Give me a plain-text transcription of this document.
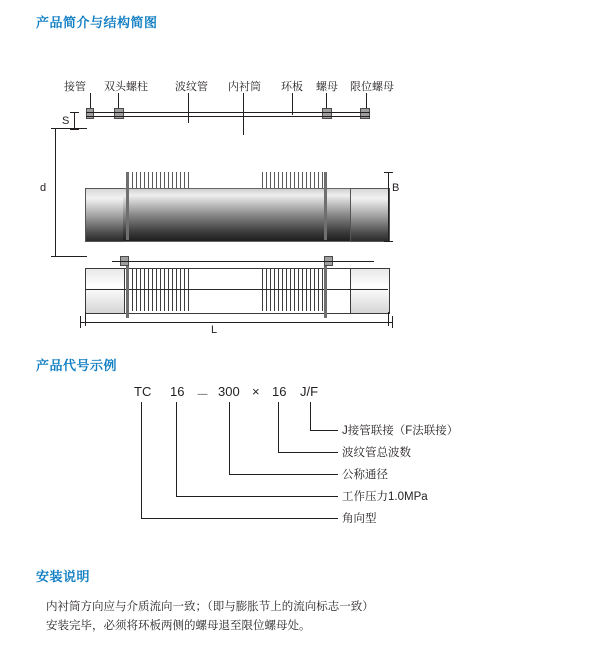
产品简介与结构简图
接管 双头螺柱 波纹管 内衬筒 环板 螺母 限位螺母
S
d	B
L
产品代号示例
TC 16 － 300 × 16 J/F
J接管联接（F法联接）
波纹管总波数
公称通径
工作压力1.0MPa
角向型
安装说明
内衬筒方向应与介质流向一致；（即与膨胀节上的流向标志一致）
安装完毕，必须将环板两侧的螺母退至限位螺母处。
